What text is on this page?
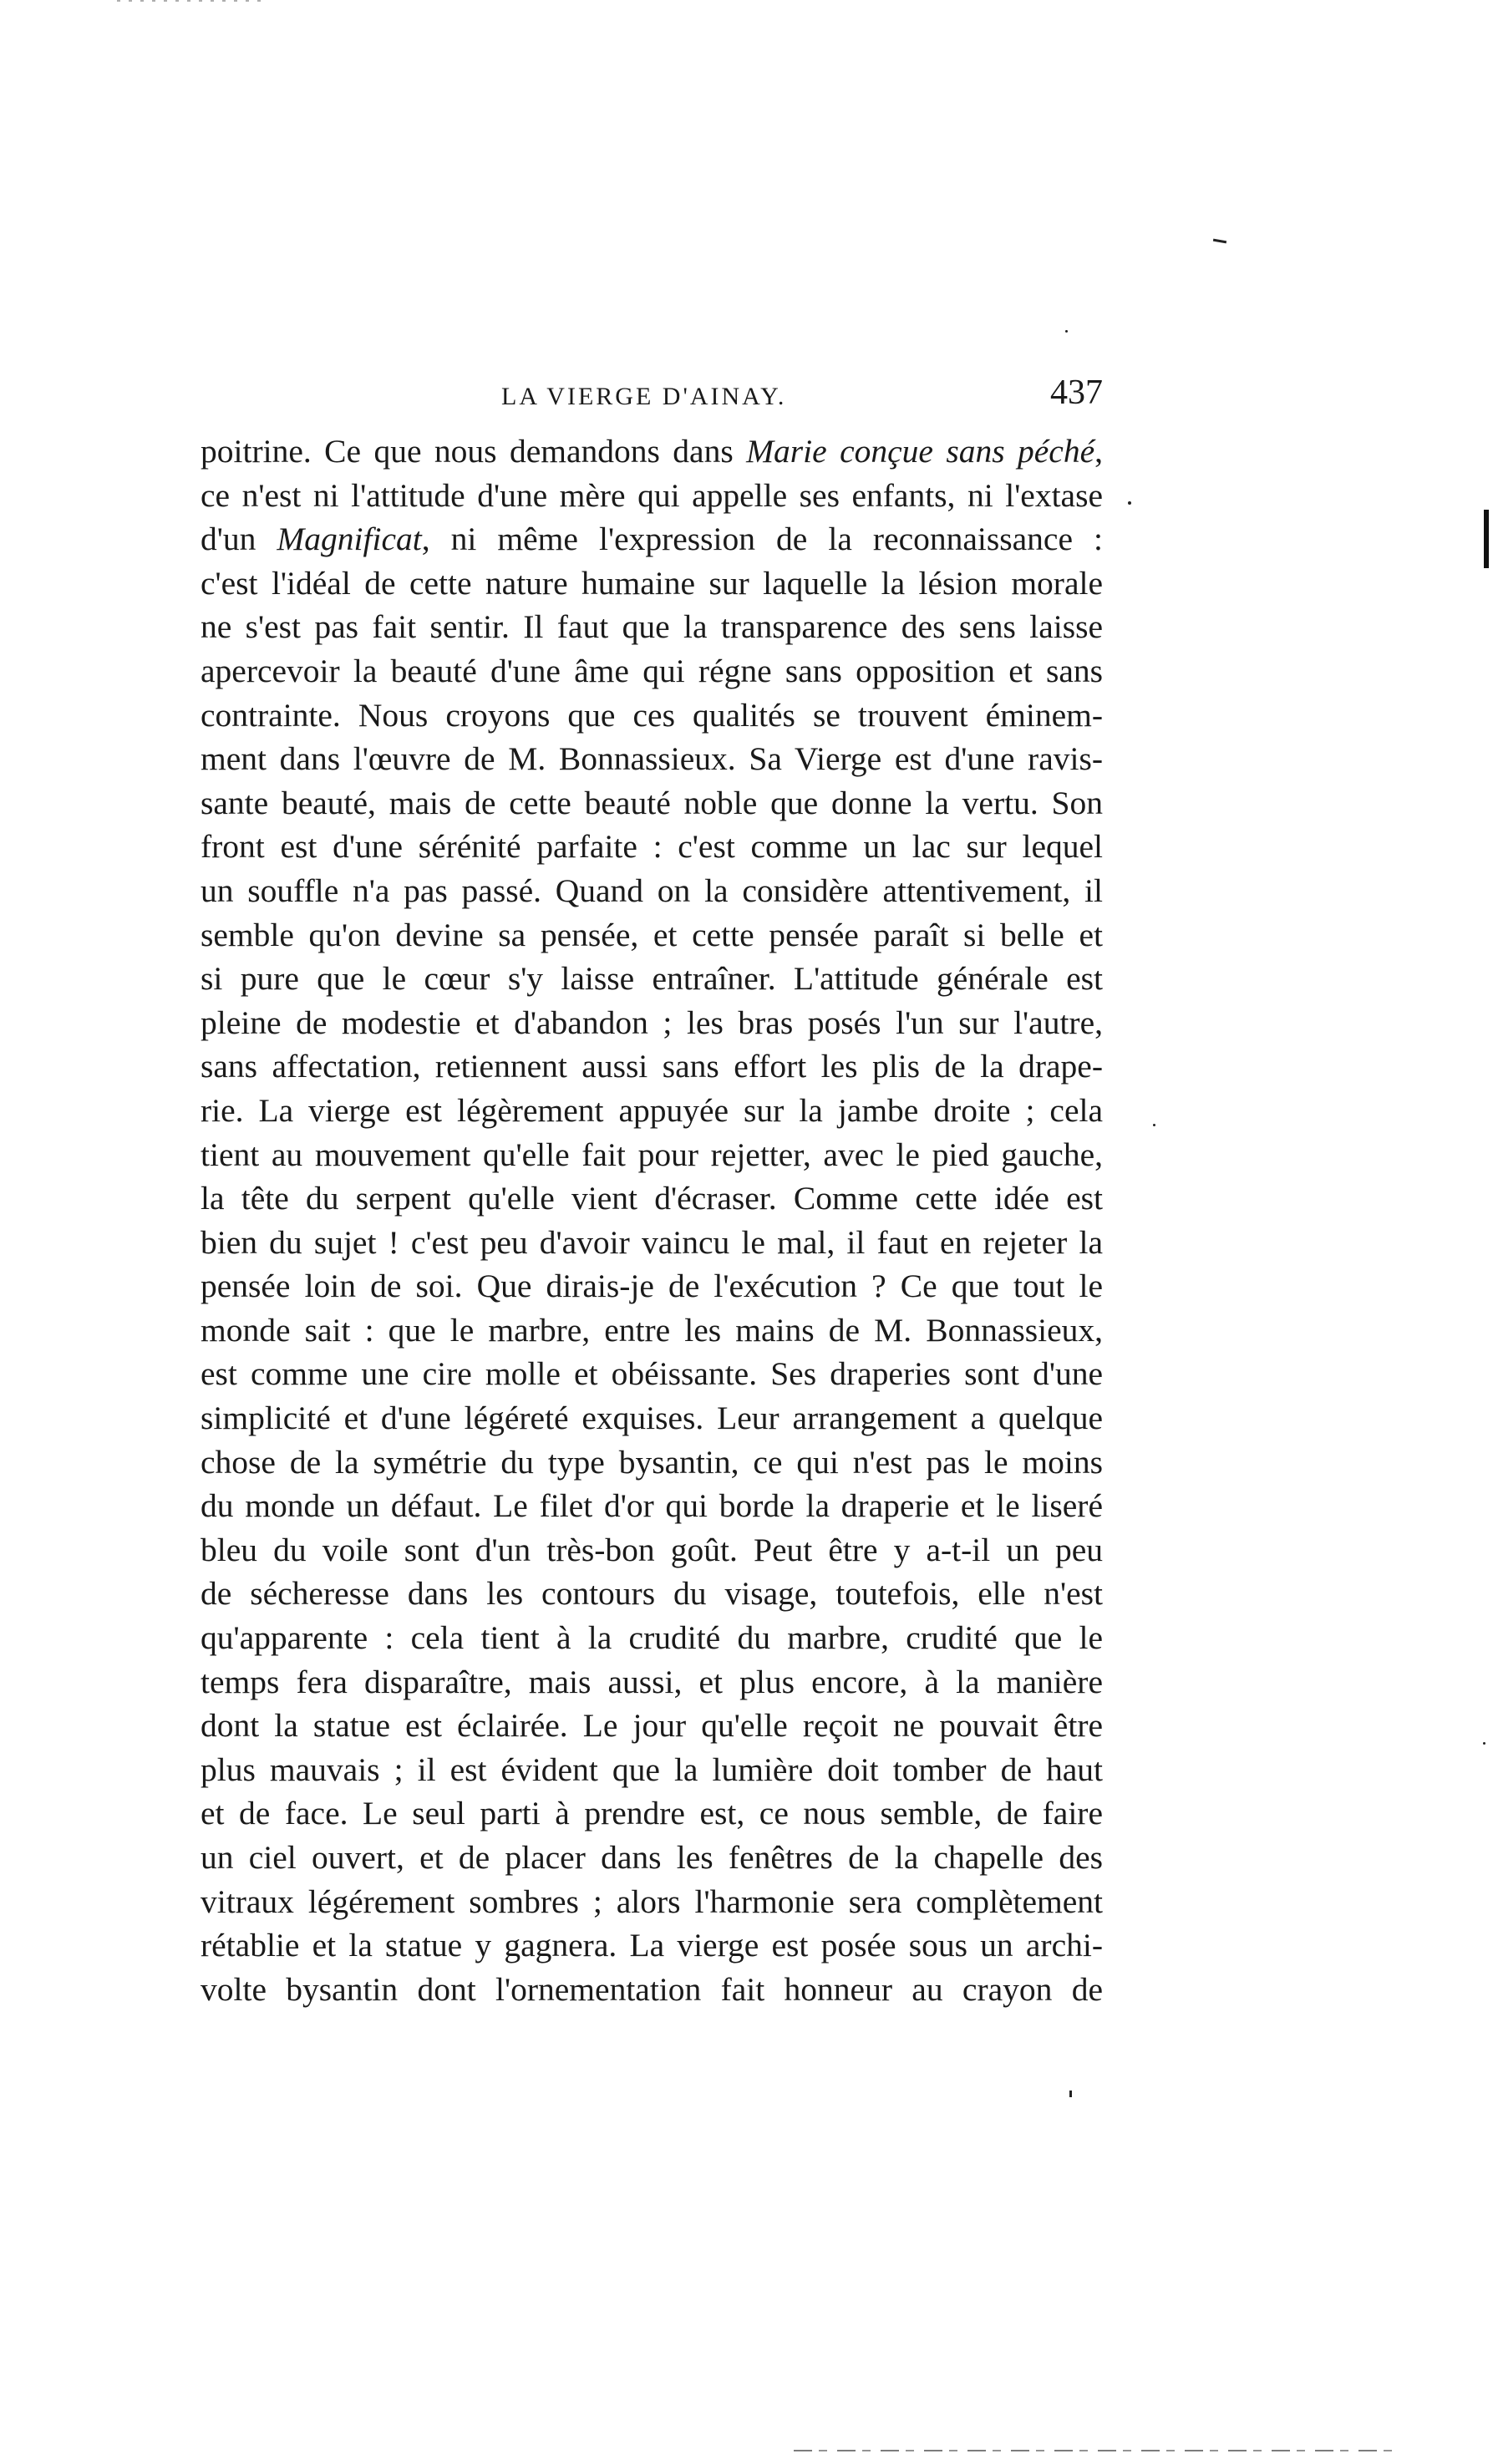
LA VIERGE D'AINAY.	437
poitrine. Ce que nous demandons dans Marie conçue sans péché,
ce n'est ni l'attitude d'une mère qui appelle ses enfants, ni l'extase
d'un Magnificat, ni même l'expression de la reconnaissance :
c'est l'idéal de cette nature humaine sur laquelle la lésion morale
ne s'est pas fait sentir. Il faut que la transparence des sens laisse
apercevoir la beauté d'une âme qui régne sans opposition et sans
contrainte. Nous croyons que ces qualités se trouvent éminem-
ment dans l'œuvre de M. Bonnassieux. Sa Vierge est d'une ravis-
sante beauté, mais de cette beauté noble que donne la vertu. Son
front est d'une sérénité parfaite : c'est comme un lac sur lequel
un souffle n'a pas passé. Quand on la considère attentivement, il
semble qu'on devine sa pensée, et cette pensée paraît si belle et
si pure que le cœur s'y laisse entraîner. L'attitude générale est
pleine de modestie et d'abandon ; les bras posés l'un sur l'autre,
sans affectation, retiennent aussi sans effort les plis de la drape-
rie. La vierge est légèrement appuyée sur la jambe droite ; cela
tient au mouvement qu'elle fait pour rejetter, avec le pied gauche,
la tête du serpent qu'elle vient d'écraser. Comme cette idée est
bien du sujet ! c'est peu d'avoir vaincu le mal, il faut en rejeter la
pensée loin de soi. Que dirais-je de l'exécution ? Ce que tout le
monde sait : que le marbre, entre les mains de M. Bonnassieux,
est comme une cire molle et obéissante. Ses draperies sont d'une
simplicité et d'une légéreté exquises. Leur arrangement a quelque
chose de la symétrie du type bysantin, ce qui n'est pas le moins
du monde un défaut. Le filet d'or qui borde la draperie et le liseré
bleu du voile sont d'un très-bon goût. Peut être y a-t-il un peu
de sécheresse dans les contours du visage, toutefois, elle n'est
qu'apparente : cela tient à la crudité du marbre, crudité que le
temps fera disparaître, mais aussi, et plus encore, à la manière
dont la statue est éclairée. Le jour qu'elle reçoit ne pouvait être
plus mauvais ; il est évident que la lumière doit tomber de haut
et de face. Le seul parti à prendre est, ce nous semble, de faire
un ciel ouvert, et de placer dans les fenêtres de la chapelle des
vitraux légérement sombres ; alors l'harmonie sera complètement
rétablie et la statue y gagnera. La vierge est posée sous un archi-
volte bysantin dont l'ornementation fait honneur au crayon de
